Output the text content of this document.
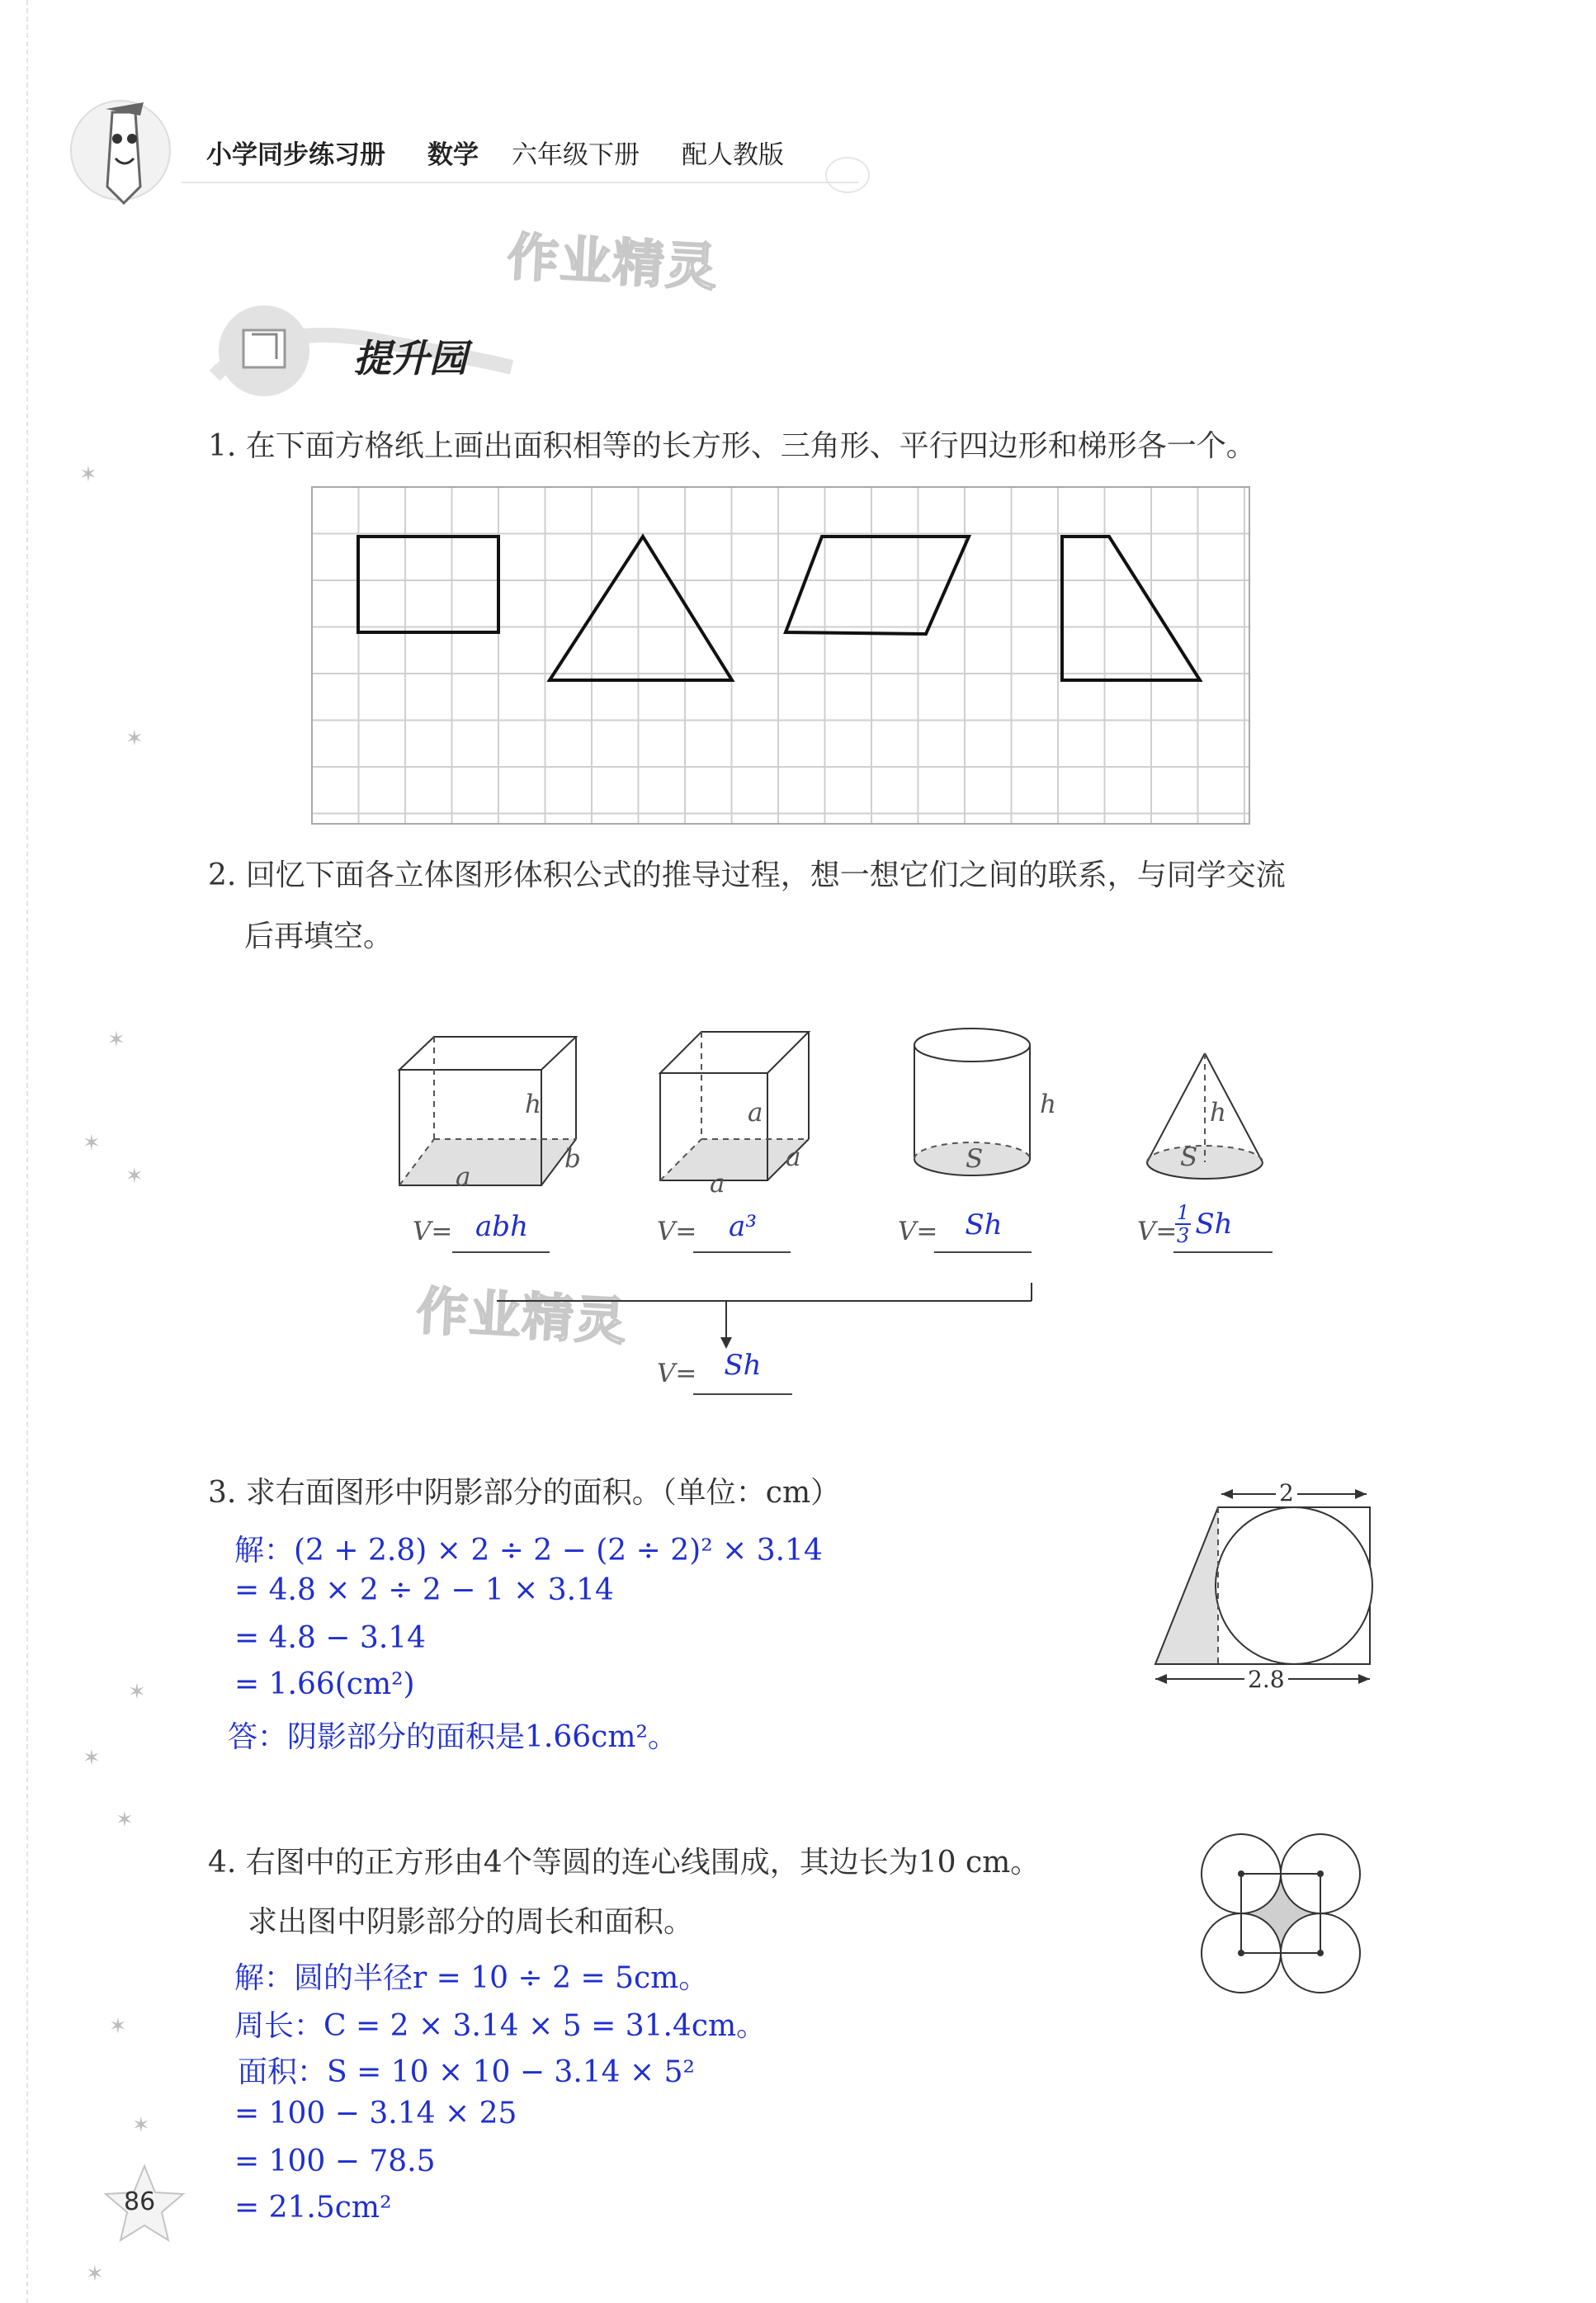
✶
✶
✶
✶
✶
✶
✶
✶
✶
✶
✶
小学同步练习册 数学 六年级下册 配人教版
作业精灵
作业精灵
提升园
1. 在下面方格纸上画出面积相等的长方形、三角形、平行四边形和梯形各一个。
2. 回忆下面各立体图形体积公式的推导过程，想一想它们之间的联系，与同学交流
后再填空。
h
a
b
a
a
a
h
S
h
S
V= abh	V=	a³	V= Sh	V=
$\frac{1}{3}$ Sh
V= Sh
3. 求右面图形中阴影部分的面积。（单位：cm）	2
2.8
解：(2 + 2.8) × 2 ÷ 2 − (2 ÷ 2)² × 3.14
= 4.8 × 2 ÷ 2 − 1 × 3.14
= 4.8 − 3.14
= 1.66(cm²)
答：阴影部分的面积是1.66cm²。
4. 右图中的正方形由4个等圆的连心线围成，其边长为10 cm。
求出图中阴影部分的周长和面积。
解：圆的半径r = 10 ÷ 2 = 5cm。
周长：C = 2 × 3.14 × 5 = 31.4cm。
面积：S = 10 × 10 − 3.14 × 5²
= 100 − 3.14 × 25
= 100 − 78.5
= 21.5cm²
86
